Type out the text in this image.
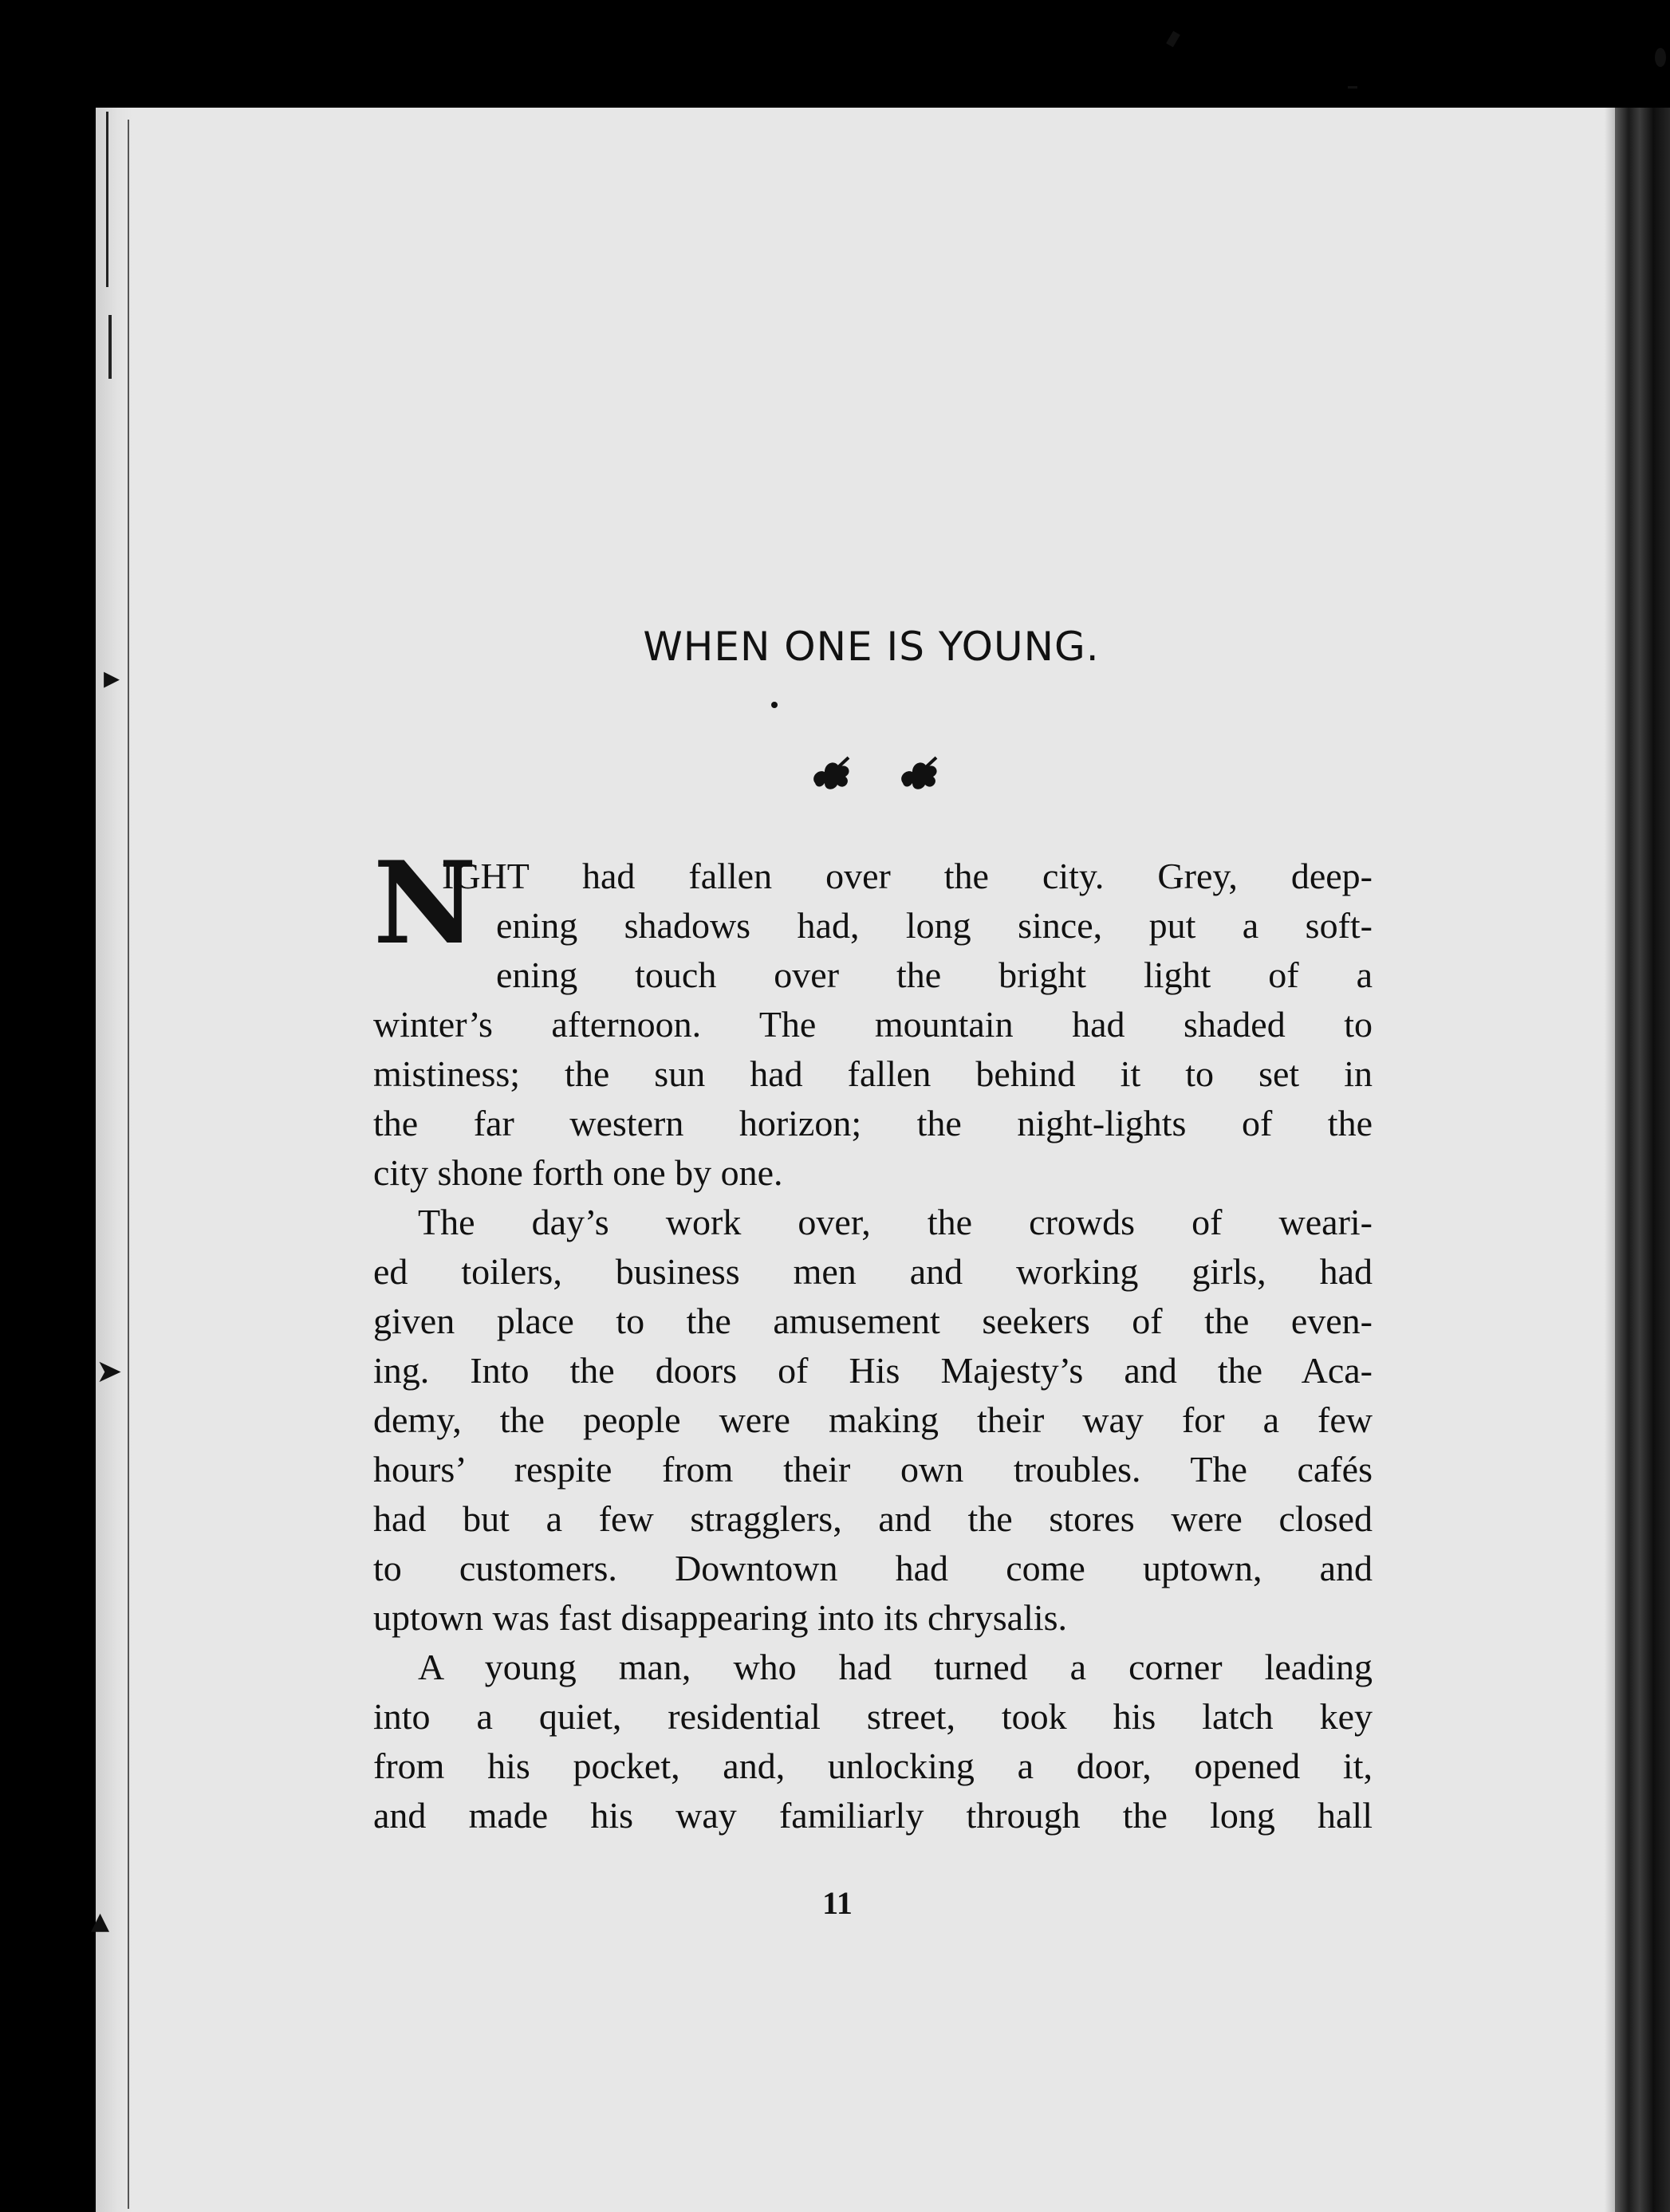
▸
➤
▲
WHEN ONE IS YOUNG.
N
IGHT had fallen over the city. Grey, deep-
ening shadows had, long since, put a soft-
ening touch over the bright light of a
winter’s afternoon. The mountain had shaded to
mistiness; the sun had fallen behind it to set in
the far western horizon; the night-lights of the
city shone forth one by one.
The day’s work over, the crowds of weari-
ed toilers, business men and working girls, had
given place to the amusement seekers of the even-
ing. Into the doors of His Majesty’s and the Aca-
demy, the people were making their way for a few
hours’ respite from their own troubles. The cafés
had but a few stragglers, and the stores were closed
to customers. Downtown had come uptown, and
uptown was fast disappearing into its chrysalis.
A young man, who had turned a corner leading
into a quiet, residential street, took his latch key
from his pocket, and, unlocking a door, opened it,
and made his way familiarly through the long hall
11
